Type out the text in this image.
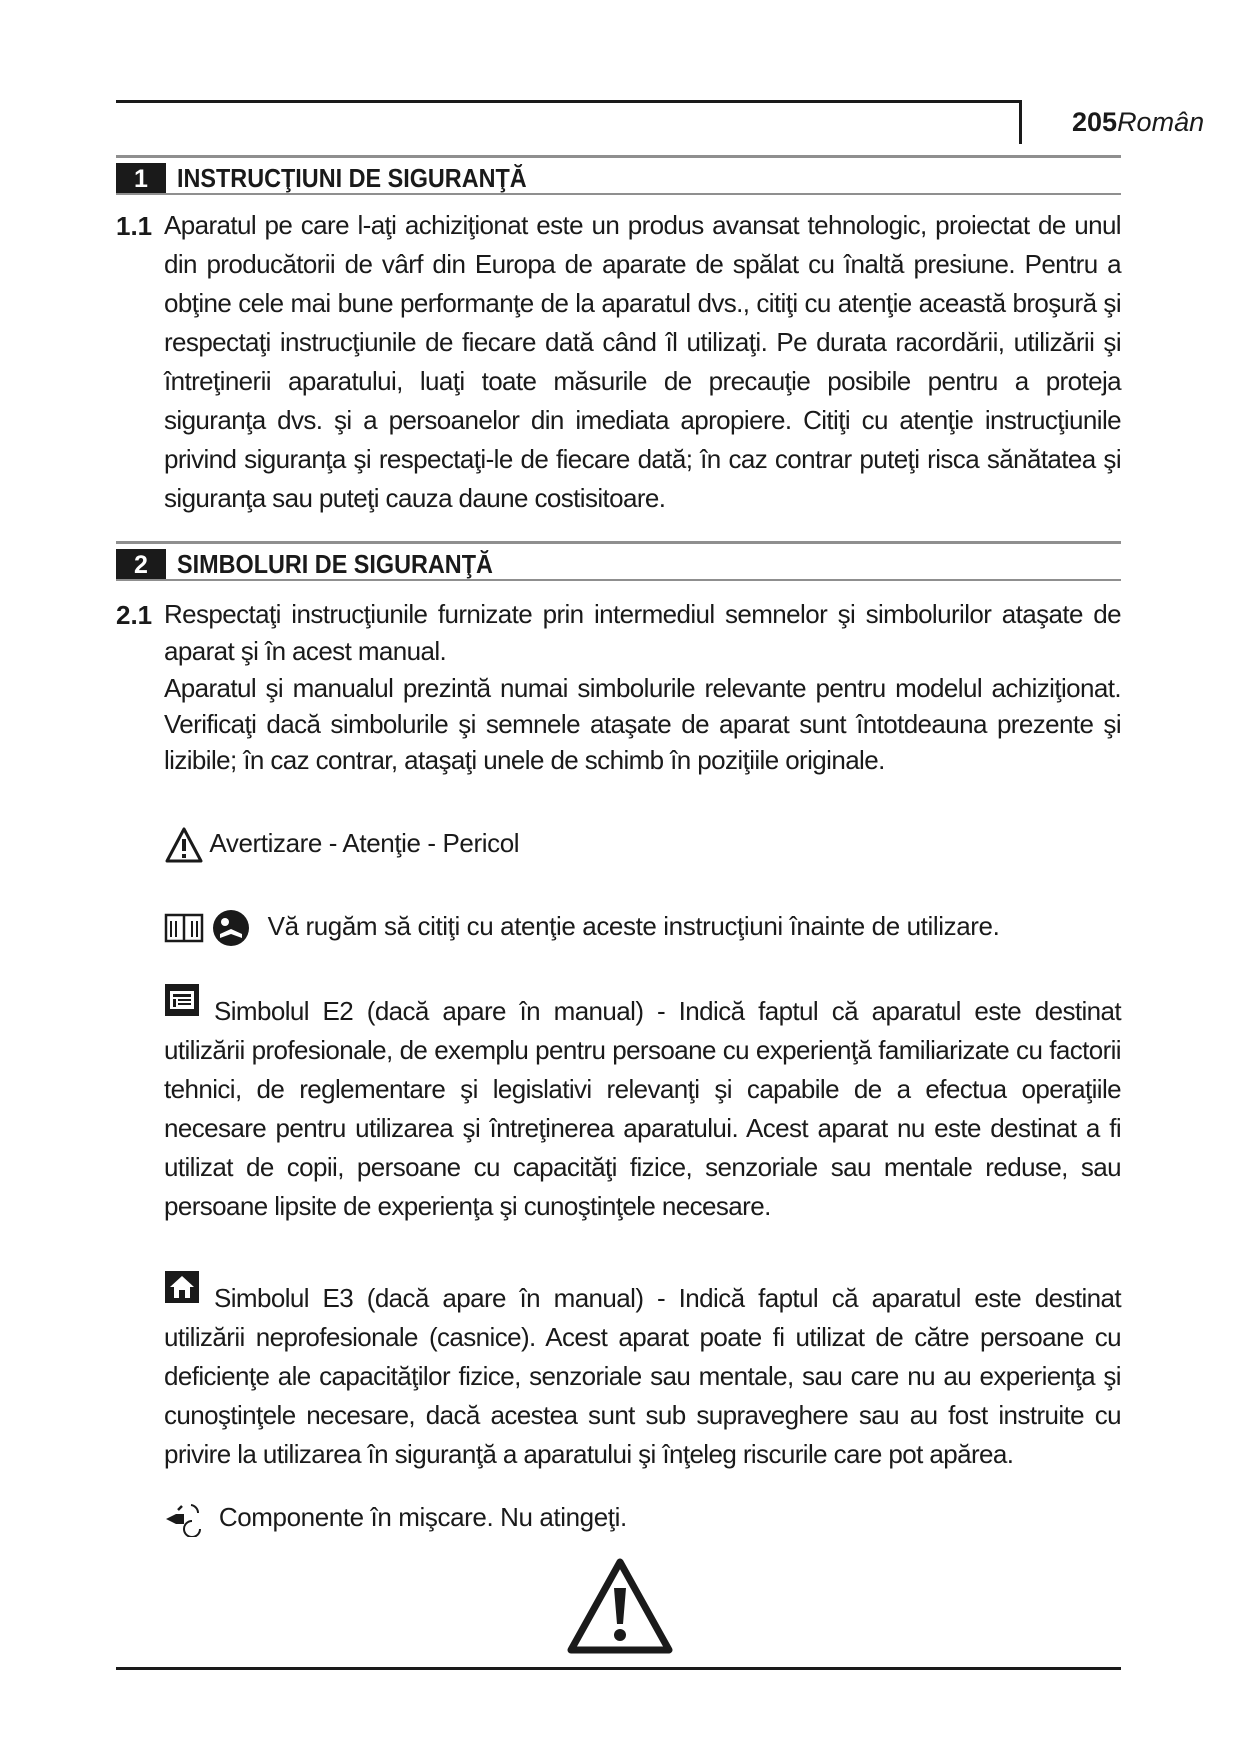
205Român
1	INSTRUCŢIUNI DE SIGURANŢĂ
1.1 Aparatul pe care l-aţi achiziţionat este un produs avansat tehnologic, proiectat de unul din producătorii de vârf din Europa de aparate de spălat cu înaltă presiune. Pentru a obţine cele mai bune performanţe de la aparatul dvs., citiţi cu atenţie această broşură şi respectaţi instrucţiunile de fiecare dată când îl utilizaţi. Pe durata racordării, utilizării şi întreţinerii aparatului, luaţi toate măsurile de precauţie posibile pentru a proteja siguranţa dvs. şi a persoanelor din imediata apropiere. Citiţi cu atenţie instrucţiunile privind siguranţa şi respectaţi-le de fiecare dată; în caz contrar puteţi risca sănătatea şi siguranţa sau puteţi cauza daune costisitoare.
2	SIMBOLURI DE SIGURANŢĂ
2.1 Respectaţi instrucţiunile furnizate prin intermediul semnelor şi simbolurilor ataşate de aparat şi în acest manual.
Aparatul şi manualul prezintă numai simbolurile relevante pentru modelul achiziţionat. Verificaţi dacă simbolurile şi semnele ataşate de aparat sunt întotdeauna prezente şi lizibile; în caz contrar, ataşaţi unele de schimb în poziţiile originale.
Avertizare - Atenţie - Pericol
Vă rugăm să citiţi cu atenţie aceste instrucţiuni înainte de utilizare.
Simbolul E2 (dacă apare în manual) - Indică faptul că aparatul este destinat utilizării profesionale, de exemplu pentru persoane cu experienţă familiarizate cu factorii tehnici, de reglementare şi legislativi relevanţi şi capabile de a efectua operaţiile necesare pentru utilizarea şi întreţinerea aparatului. Acest aparat nu este destinat a fi utilizat de copii, persoane cu capacităţi fizice, senzoriale sau mentale reduse, sau persoane lipsite de experienţa şi cunoştinţele necesare.
Simbolul E3 (dacă apare în manual) - Indică faptul că aparatul este destinat utilizării neprofesionale (casnice). Acest aparat poate fi utilizat de către persoane cu deficienţe ale capacităţilor fizice, senzoriale sau mentale, sau care nu au experienţa şi cunoştinţele necesare, dacă acestea sunt sub supraveghere sau au fost instruite cu privire la utilizarea în siguranţă a aparatului şi înţeleg riscurile care pot apărea.
Componente în mişcare. Nu atingeţi.
